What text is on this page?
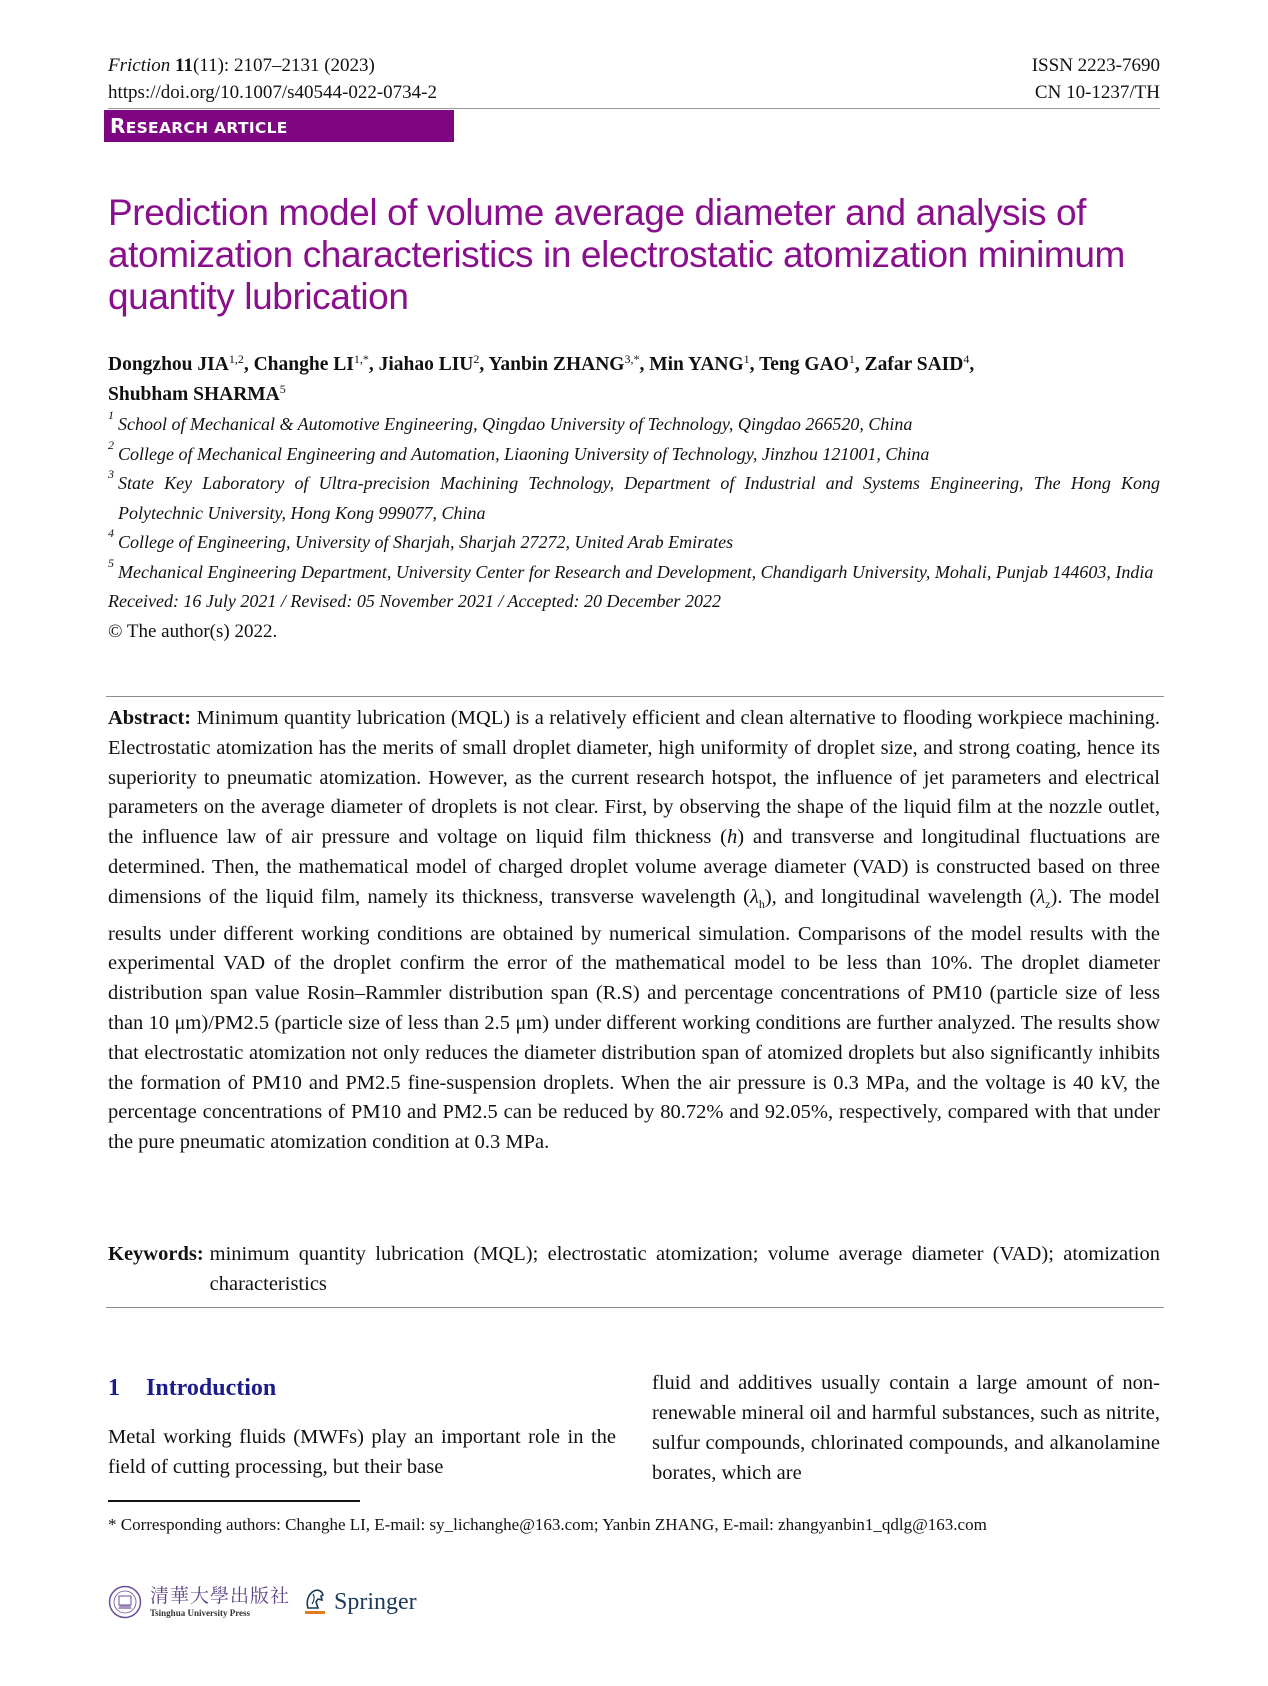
Friction 11(11): 2107–2131 (2023)
https://doi.org/10.1007/s40544-022-0734-2
ISSN 2223-7690
CN 10-1237/TH
RESEARCH ARTICLE
Prediction model of volume average diameter and analysis of atomization characteristics in electrostatic atomization minimum quantity lubrication
Dongzhou JIA$^{1,2}$, Changhe $LI^{1,*}$, Jiahao LIU$^2$, Yanbin $ZHANG^{3,*}$, Min YANG$^1$, Teng GAO$^1$, Zafar SAID$^4$,
Shubham SHARMA$^5$
1 School of Mechanical & Automotive Engineering, Qingdao University of Technology, Qingdao 266520, China
2 College of Mechanical Engineering and Automation, Liaoning University of Technology, Jinzhou 121001, China
3 State Key Laboratory of Ultra-precision Machining Technology, Department of Industrial and Systems Engineering, The Hong Kong Polytechnic University, Hong Kong 999077, China
4 College of Engineering, University of Sharjah, Sharjah 27272, United Arab Emirates
5 Mechanical Engineering Department, University Center for Research and Development, Chandigarh University, Mohali, Punjab 144603, India
Received: 16 July 2021 / Revised: 05 November 2021 / Accepted: 20 December 2022
© The author(s) 2022.
Abstract: Minimum quantity lubrication (MQL) is a relatively efficient and clean alternative to flooding workpiece machining. Electrostatic atomization has the merits of small droplet diameter, high uniformity of droplet size, and strong coating, hence its superiority to pneumatic atomization. However, as the current research hotspot, the influence of jet parameters and electrical parameters on the average diameter of droplets is not clear. First, by observing the shape of the liquid film at the nozzle outlet, the influence law of air pressure and voltage on liquid film thickness (h) and transverse and longitudinal fluctuations are determined. Then, the mathematical model of charged droplet volume average diameter (VAD) is constructed based on three dimensions of the liquid film, namely its thickness, transverse wavelength $(\lambda_h)$, and longitudinal wavelength $(\lambda_z)$. The model results under different working conditions are obtained by numerical simulation. Comparisons of the model results with the experimental VAD of the droplet confirm the error of the mathematical model to be less than 10%. The droplet diameter distribution span value Rosin–Rammler distribution span (R.S) and percentage concentrations of PM10 (particle size of less than 10 μm)/PM2.5 (particle size of less than 2.5 μm) under different working conditions are further analyzed. The results show that electrostatic atomization not only reduces the diameter distribution span of atomized droplets but also significantly inhibits the formation of PM10 and PM2.5 fine-suspension droplets. When the air pressure is 0.3 MPa, and the voltage is 40 kV, the percentage concentrations of PM10 and PM2.5 can be reduced by 80.72% and 92.05%, respectively, compared with that under the pure pneumatic atomization condition at 0.3 MPa.
Keywords: minimum quantity lubrication (MQL); electrostatic atomization; volume average diameter (VAD); atomization characteristics
1 Introduction

Metal working fluids (MWFs) play an important role in the field of cutting processing, but their base

fluid and additives usually contain a large amount of non-renewable mineral oil and harmful substances, such as nitrite, sulfur compounds, chlorinated compounds, and alkanolamine borates, which are

* Corresponding authors: Changhe LI, E-mail: sy_lichanghe@163.com; Yanbin ZHANG, E-mail: zhangyanbin1_qdlg@163.com
清華大學出版社
Tsinghua University Press	Springer
